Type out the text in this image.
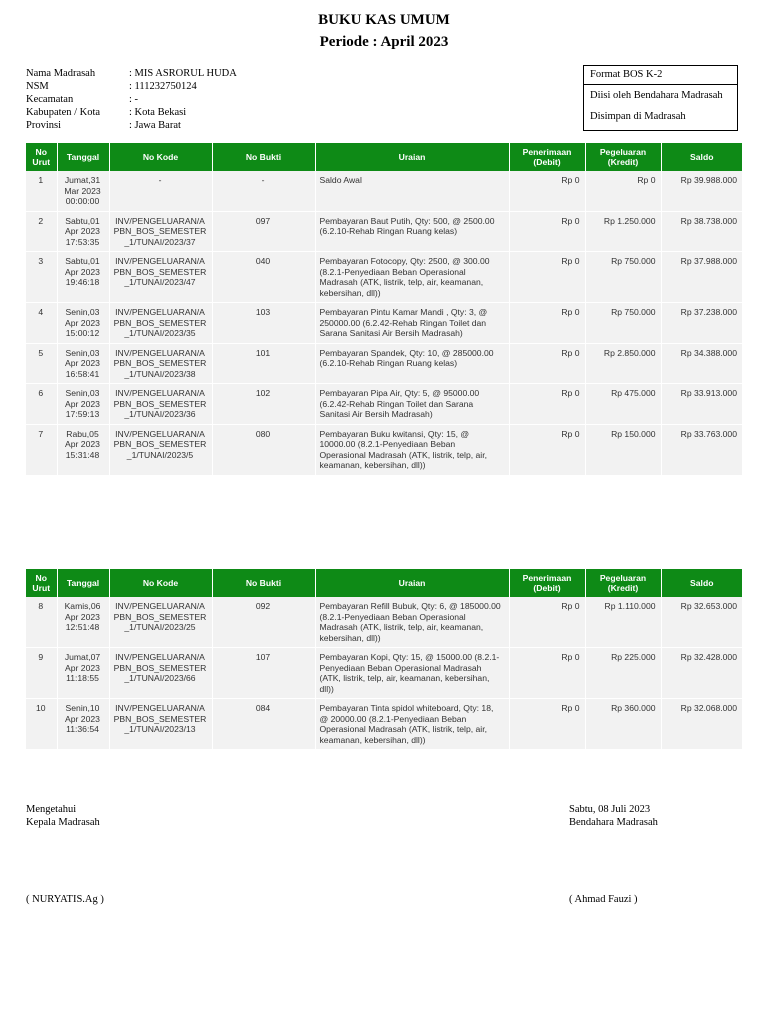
BUKU KAS UMUM
Periode : April 2023
Nama Madrasah	: MIS ASRORUL HUDA
NSM	: 111232750124
Kecamatan	: -
Kabupaten / Kota	: Kota Bekasi
Provinsi	: Jawa Barat
Format BOS K-2
Diisi oleh Bendahara Madrasah
Disimpan di Madrasah
No Urut	Tanggal	No Kode	No Bukti	Uraian	Penerimaan (Debit)	Pegeluaran (Kredit)	Saldo
1	Jumat,31 Mar 2023 00:00:00	-	-	Saldo Awal	Rp 0	Rp 0	Rp 39.988.000
2	Sabtu,01 Apr 2023 17:53:35	INV/PENGELUARAN/APBN_BOS_SEMESTER_1/TUNAI/2023/37	097	Pembayaran Baut Putih, Qty: 500, @ 2500.00 (6.2.10-Rehab Ringan Ruang kelas)	Rp 0	Rp 1.250.000	Rp 38.738.000
3	Sabtu,01 Apr 2023 19:46:18	INV/PENGELUARAN/APBN_BOS_SEMESTER_1/TUNAI/2023/47	040	Pembayaran Fotocopy, Qty: 2500, @ 300.00 (8.2.1-Penyediaan Beban Operasional Madrasah (ATK, listrik, telp, air, keamanan, kebersihan, dll))	Rp 0	Rp 750.000	Rp 37.988.000
4	Senin,03 Apr 2023 15:00:12	INV/PENGELUARAN/APBN_BOS_SEMESTER_1/TUNAI/2023/35	103	Pembayaran Pintu Kamar Mandi , Qty: 3, @ 250000.00 (6.2.42-Rehab Ringan Toilet dan Sarana Sanitasi Air Bersih Madrasah)	Rp 0	Rp 750.000	Rp 37.238.000
5	Senin,03 Apr 2023 16:58:41	INV/PENGELUARAN/APBN_BOS_SEMESTER_1/TUNAI/2023/38	101	Pembayaran Spandek, Qty: 10, @ 285000.00 (6.2.10-Rehab Ringan Ruang kelas)	Rp 0	Rp 2.850.000	Rp 34.388.000
6	Senin,03 Apr 2023 17:59:13	INV/PENGELUARAN/APBN_BOS_SEMESTER_1/TUNAI/2023/36	102	Pembayaran Pipa Air, Qty: 5, @ 95000.00 (6.2.42-Rehab Ringan Toilet dan Sarana Sanitasi Air Bersih Madrasah)	Rp 0	Rp 475.000	Rp 33.913.000
7	Rabu,05 Apr 2023 15:31:48	INV/PENGELUARAN/APBN_BOS_SEMESTER_1/TUNAI/2023/5	080	Pembayaran Buku kwitansi, Qty: 15, @ 10000.00 (8.2.1-Penyediaan Beban Operasional Madrasah (ATK, listrik, telp, air, keamanan, kebersihan, dll))	Rp 0	Rp 150.000	Rp 33.763.000
No Urut	Tanggal	No Kode	No Bukti	Uraian	Penerimaan (Debit)	Pegeluaran (Kredit)	Saldo
8	Kamis,06 Apr 2023 12:51:48	INV/PENGELUARAN/APBN_BOS_SEMESTER_1/TUNAI/2023/25	092	Pembayaran Refill Bubuk, Qty: 6, @ 185000.00 (8.2.1-Penyediaan Beban Operasional Madrasah (ATK, listrik, telp, air, keamanan, kebersihan, dll))	Rp 0	Rp 1.110.000	Rp 32.653.000
9	Jumat,07 Apr 2023 11:18:55	INV/PENGELUARAN/APBN_BOS_SEMESTER_1/TUNAI/2023/66	107	Pembayaran Kopi, Qty: 15, @ 15000.00 (8.2.1-Penyediaan Beban Operasional Madrasah (ATK, listrik, telp, air, keamanan, kebersihan, dll))	Rp 0	Rp 225.000	Rp 32.428.000
10	Senin,10 Apr 2023 11:36:54	INV/PENGELUARAN/APBN_BOS_SEMESTER_1/TUNAI/2023/13	084	Pembayaran Tinta spidol whiteboard, Qty: 18, @ 20000.00 (8.2.1-Penyediaan Beban Operasional Madrasah (ATK, listrik, telp, air, keamanan, kebersihan, dll))	Rp 0	Rp 360.000	Rp 32.068.000
Mengetahui
Kepala Madrasah
( NURYATIS.Ag )
Sabtu, 08 Juli 2023
Bendahara Madrasah
( Ahmad Fauzi )
